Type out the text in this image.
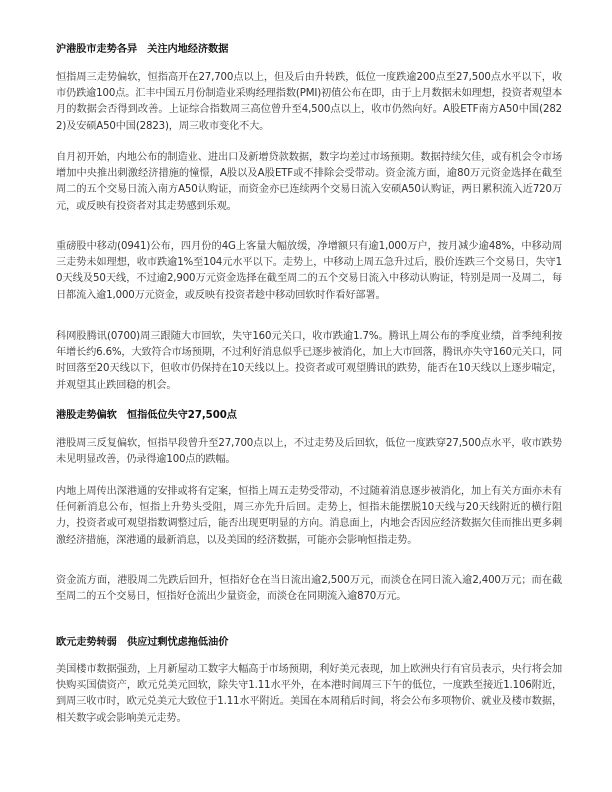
沪港股市走势各异　关注内地经济数据
恒指周三走势偏软，恒指高开在27,700点以上，但及后由升转跌，低位一度跌逾200点至27,500点水平以下，收市仍跌逾100点。汇丰中国五月份制造业采购经理指数(PMI)初值公布在即，由于上月数据未如理想，投资者观望本月的数据会否得到改善。上证综合指数周三高位曾升至4,500点以上，收市仍然向好。A股ETF南方A50中国(2822)及安硕A50中国(2823)，周三收市变化不大。
自月初开始，内地公布的制造业、进出口及新增贷款数据，数字均差过市场预期。数据持续欠佳，或有机会令市场增加中央推出刺激经济措施的憧憬，A股以及A股ETF或不排除会受带动。资金流方面，逾80万元资金选择在截至周二的五个交易日流入南方A50认购证，而资金亦已连续两个交易日流入安硕A50认购证，两日累积流入近720万元，或反映有投资者对其走势感到乐观。
重磅股中移动(0941)公布，四月份的4G上客量大幅放缓，净增额只有逾1,000万户，按月减少逾48%，中移动周三走势未如理想，收市跌逾1%至104元水平以下。走势上，中移动上周五急升过后，股价连跌三个交易日，失守10天线及50天线，不过逾2,900万元资金选择在截至周二的五个交易日流入中移动认购证，特别是周一及周二，每日都流入逾1,000万元资金，或反映有投资者趁中移动回软时作看好部署。
科网股腾讯(0700)周三跟随大市回软，失守160元关口，收市跌逾1.7%。腾讯上周公布的季度业绩，首季纯利按年增长约6.6%，大致符合市场预期，不过利好消息似乎已逐步被消化，加上大市回落，腾讯亦失守160元关口，同时回落至20天线以下，但收市仍保持在10天线以上。投资者或可观望腾讯的跌势，能否在10天线以上逐步喘定，并观望其止跌回稳的机会。
港股走势偏软　恒指低位失守27,500点
港股周三反复偏软，恒指早段曾升至27,700点以上，不过走势及后回软，低位一度跌穿27,500点水平，收市跌势未见明显改善，仍录得逾100点的跌幅。
内地上周传出深港通的安排或将有定案，恒指上周五走势受带动，不过随着消息逐步被消化，加上有关方面亦未有任何新消息公布，恒指上升势头受阻，周三亦先升后回。走势上，恒指未能摆脱10天线与20天线附近的横行阻力，投资者或可观望指数调整过后，能否出现更明显的方向。消息面上，内地会否因应经济数据欠佳而推出更多刺激经济措施，深港通的最新消息，以及美国的经济数据，可能亦会影响恒指走势。
资金流方面，港股周二先跌后回升，恒指好仓在当日流出逾2,500万元，而淡仓在同日流入逾2,400万元；而在截至周二的五个交易日，恒指好仓流出少量资金，而淡仓在同期流入逾870万元。
欧元走势转弱　供应过剩忧虑拖低油价
美国楼市数据强劲，上月新屋动工数字大幅高于市场预期，利好美元表现，加上欧洲央行有官员表示，央行将会加快购买国债资产，欧元兑美元回软，除失守1.11水平外，在本港时间周三下午的低位，一度跌至接近1.106附近，到周三收市时，欧元兑美元大致位于1.11水平附近。美国在本周稍后时间，将会公布多项物价、就业及楼市数据，相关数字或会影响美元走势。
